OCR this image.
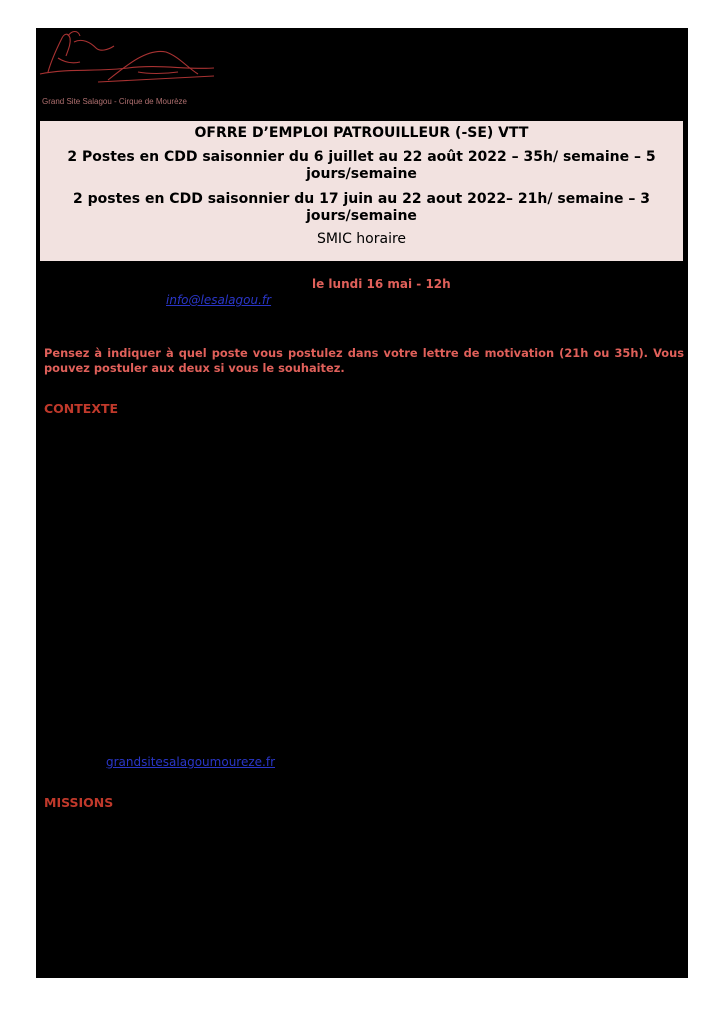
Grand Site Salagou - Cirque de Mourèze
OFRRE D’EMPLOI PATROUILLEUR (-SE) VTT
2 Postes en CDD saisonnier du 6 juillet au 22 août 2022 – 35h/ semaine – 5 jours/semaine
2 postes en CDD saisonnier du 17 juin au 22 aout 2022– 21h/ semaine – 3 jours/semaine
SMIC horaire
le lundi 16 mai - 12h
info@lesalagou.fr
Pensez à indiquer à quel poste vous postulez dans votre lettre de motivation (21h ou 35h). Vous pouvez postuler aux deux si vous le souhaitez.
CONTEXTE
grandsitesalagoumoureze.fr
MISSIONS
